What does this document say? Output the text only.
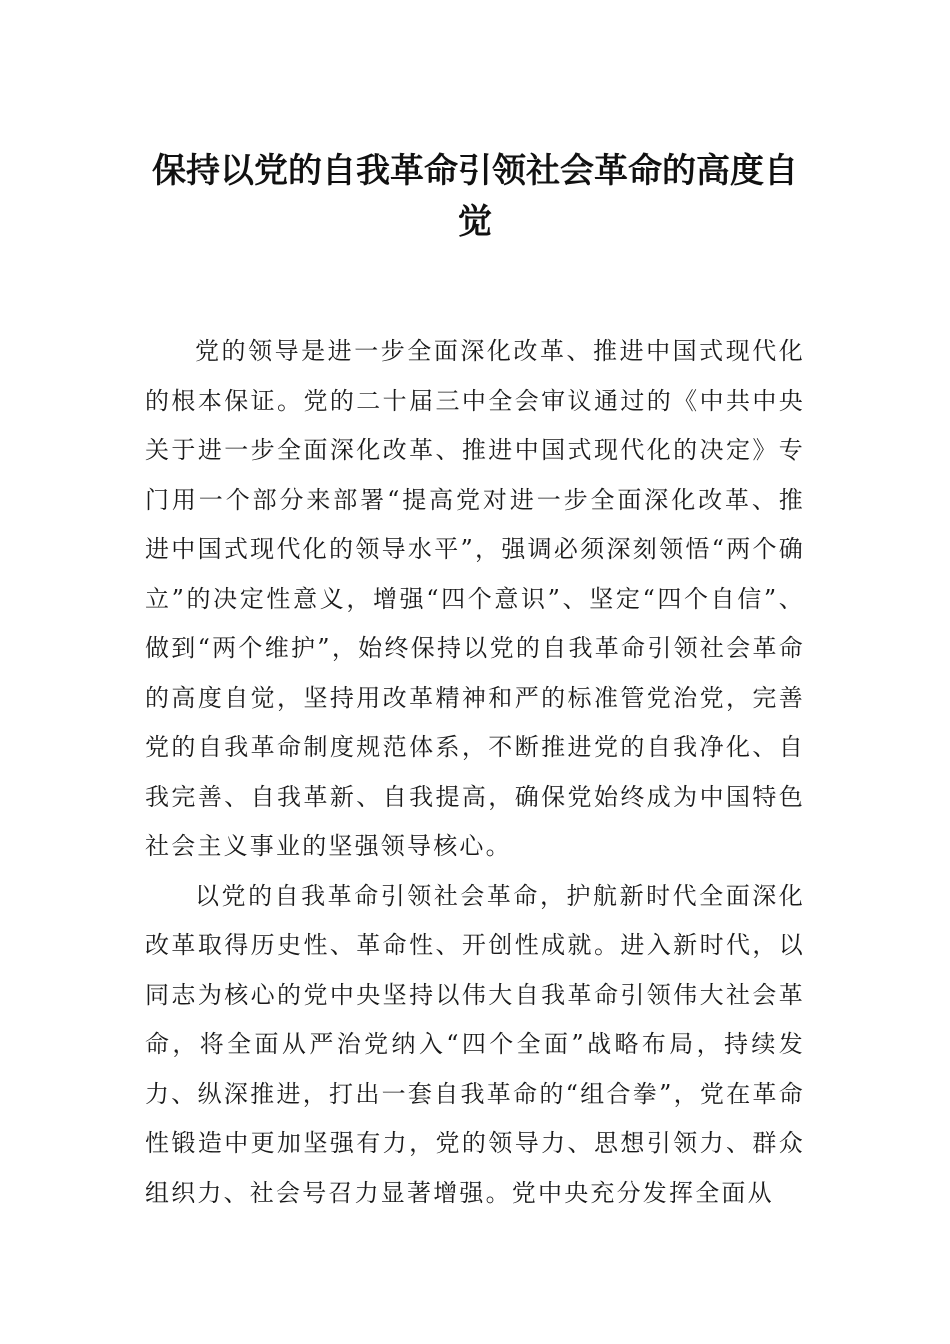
保持以党的自我革命引领社会革命的高度自觉

党的领导是进一步全面深化改革、推进中国式现代化的根本保证。党的二十届三中全会审议通过的《中共中央关于进一步全面深化改革、推进中国式现代化的决定》专门用一个部分来部署“提高党对进一步全面深化改革、推进中国式现代化的领导水平”，强调必须深刻领悟“两个确立”的决定性意义，增强“四个意识”、坚定“四个自信”、做到“两个维护”，始终保持以党的自我革命引领社会革命的高度自觉，坚持用改革精神和严的标准管党治党，完善党的自我革命制度规范体系，不断推进党的自我净化、自我完善、自我革新、自我提高，确保党始终成为中国特色社会主义事业的坚强领导核心。

以党的自我革命引领社会革命，护航新时代全面深化改革取得历史性、革命性、开创性成就。进入新时代，以同志为核心的党中央坚持以伟大自我革命引领伟大社会革命，将全面从严治党纳入“四个全面”战略布局，持续发力、纵深推进，打出一套自我革命的“组合拳”，党在革命性锻造中更加坚强有力，党的领导力、思想引领力、群众组织力、社会号召力显著增强。党中央充分发挥全面从
